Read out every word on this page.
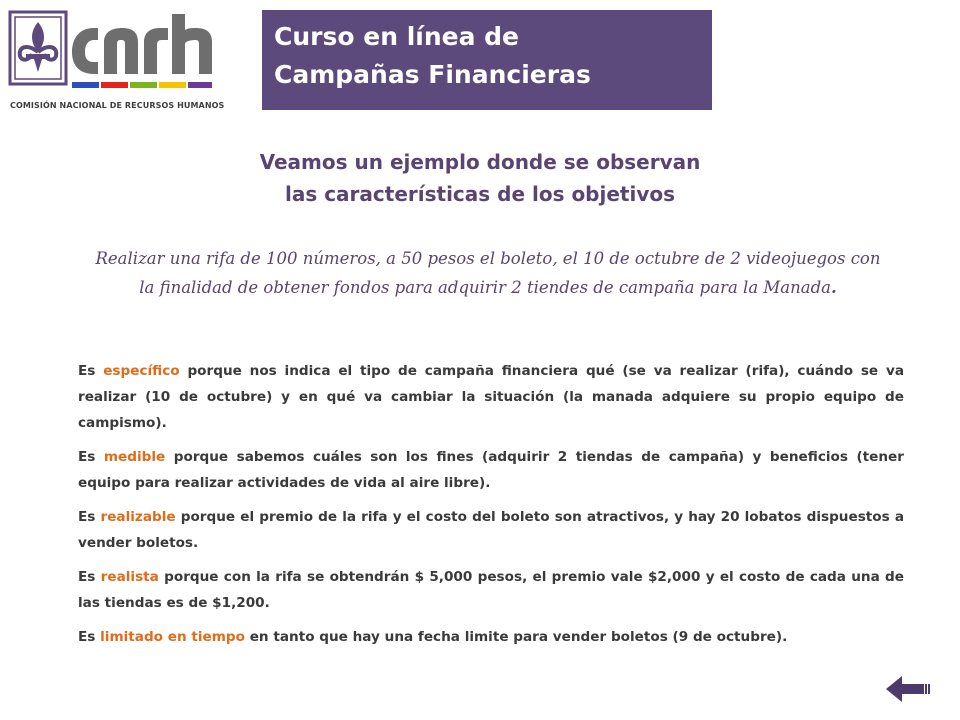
COMISIÓN NACIONAL DE RECURSOS HUMANOS
Curso en línea de
Campañas Financieras
Veamos un ejemplo donde se observan
las características de los objetivos
Realizar una rifa de 100 números, a 50 pesos el boleto, el 10 de octubre de 2 videojuegos con la finalidad de obtener fondos para adquirir 2 tiendes de campaña para la Manada.

Es específico porque nos indica el tipo de campaña financiera qué (se va realizar (rifa), cuándo se va realizar (10 de octubre) y en qué va cambiar la situación (la manada adquiere su propio equipo de campismo).

Es medible porque sabemos cuáles son los fines (adquirir 2 tiendas de campaña) y beneficios (tener equipo para realizar actividades de vida al aire libre).

Es realizable porque el premio de la rifa y el costo del boleto son atractivos, y hay 20 lobatos dispuestos a vender boletos.

Es realista porque con la rifa se obtendrán $ 5,000 pesos, el premio vale $2,000 y el costo de cada una de las tiendas es de $1,200.

Es limitado en tiempo en tanto que hay una fecha limite para vender boletos (9 de octubre).
